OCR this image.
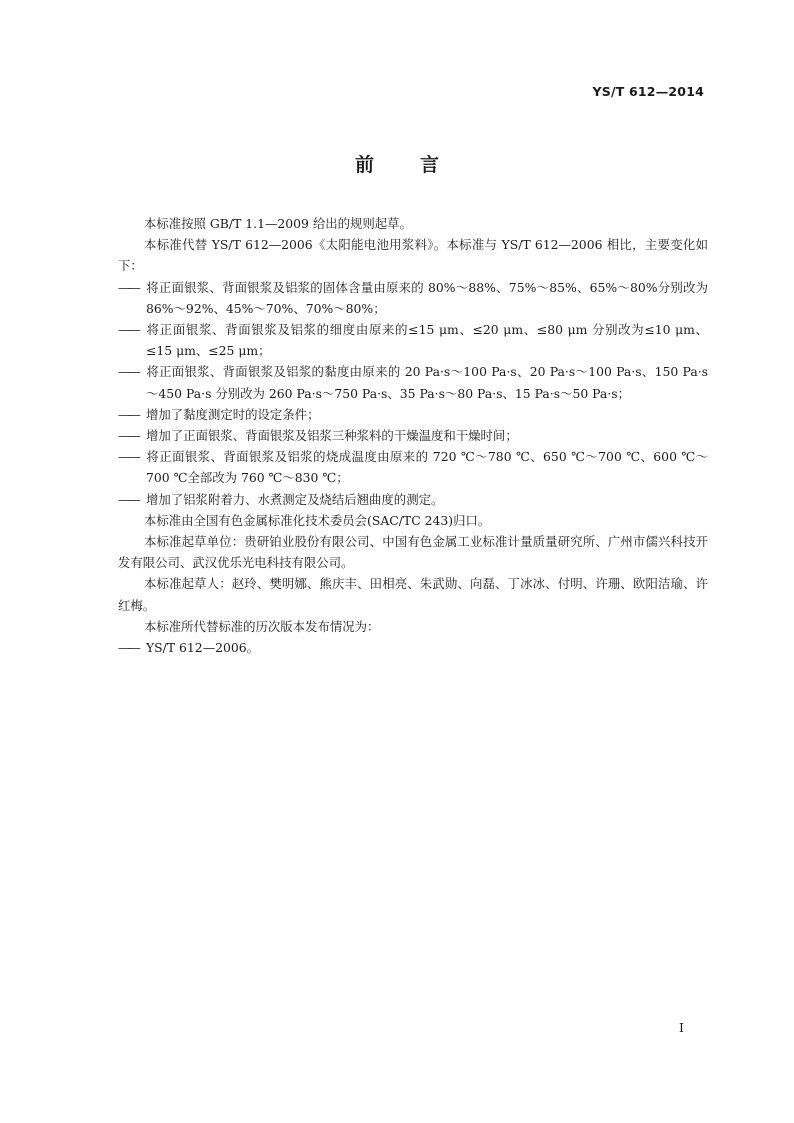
YS/T 612—2014
前言

本标准按照 GB/T 1.1—2009 给出的规则起草。

本标准代替 YS/T 612—2006《太阳能电池用浆料》。本标准与 YS/T 612—2006 相比，主要变化如下：

—— 将正面银浆、背面银浆及铝浆的固体含量由原来的 80%～88%、75%～85%、65%～80%分别改为 86%～92%、45%～70%、70%～80%；

—— 将正面银浆、背面银浆及铝浆的细度由原来的≤15 μm、≤20 μm、≤80 μm 分别改为≤10 μm、≤15 μm、≤25 μm；

—— 将正面银浆、背面银浆及铝浆的黏度由原来的 20 Pa·s～100 Pa·s、20 Pa·s～100 Pa·s、150 Pa·s～450 Pa·s 分别改为 260 Pa·s～750 Pa·s、35 Pa·s～80 Pa·s、15 Pa·s～50 Pa·s；

—— 增加了黏度测定时的设定条件；

—— 增加了正面银浆、背面银浆及铝浆三种浆料的干燥温度和干燥时间；

—— 将正面银浆、背面银浆及铝浆的烧成温度由原来的 720 ℃～780 ℃、650 ℃～700 ℃、600 ℃～700 ℃全部改为 760 ℃～830 ℃；

—— 增加了铝浆附着力、水煮测定及烧结后翘曲度的测定。

本标准由全国有色金属标准化技术委员会(SAC/TC 243)归口。

本标准起草单位：贵研铂业股份有限公司、中国有色金属工业标准计量质量研究所、广州市儒兴科技开发有限公司、武汉优乐光电科技有限公司。

本标准起草人：赵玲、樊明娜、熊庆丰、田相亮、朱武勋、向磊、丁冰冰、付明、许珊、欧阳洁瑜、许红梅。

本标准所代替标准的历次版本发布情况为：

—— YS/T 612—2006。

I
